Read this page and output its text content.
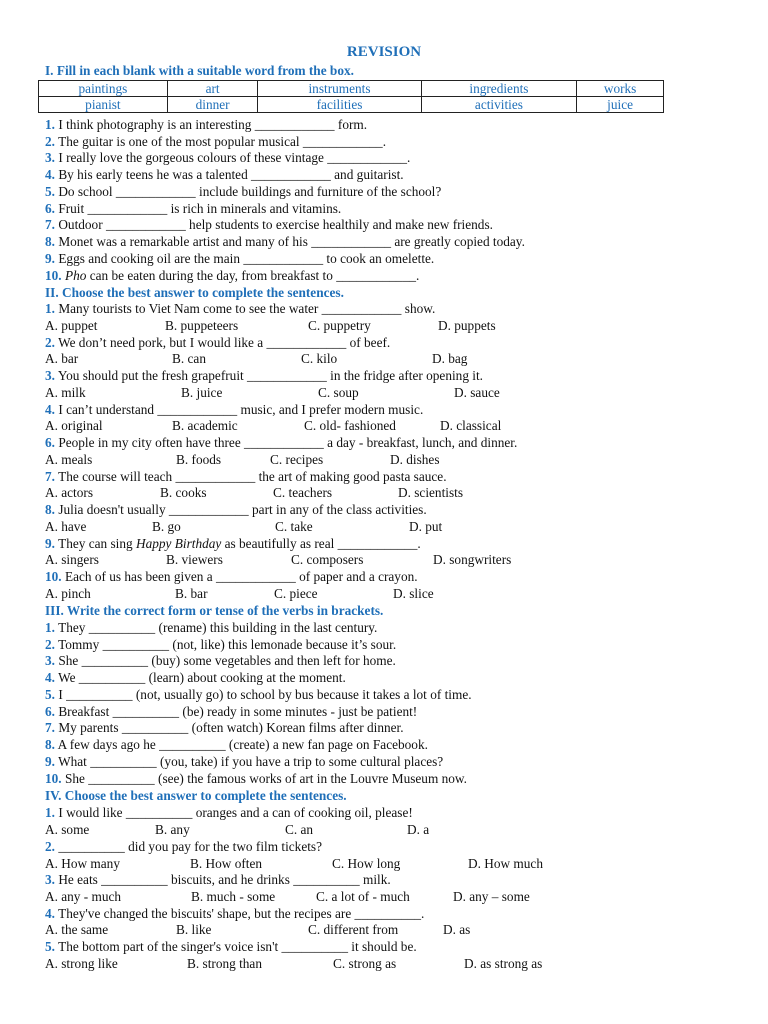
REVISION
I. Fill in each blank with a suitable word from the box.
paintings	art	instruments	ingredients	works
pianist	dinner	facilities	activities	juice
1. I think photography is an interesting ____________ form.
2. The guitar is one of the most popular musical ____________.
3. I really love the gorgeous colours of these vintage ____________.
4. By his early teens he was a talented ____________ and guitarist.
5. Do school ____________ include buildings and furniture of the school?
6. Fruit ____________ is rich in minerals and vitamins.
7. Outdoor ____________ help students to exercise healthily and make new friends.
8. Monet was a remarkable artist and many of his ____________ are greatly copied today.
9. Eggs and cooking oil are the main ____________ to cook an omelette.
10. Pho can be eaten during the day, from breakfast to ____________.
II. Choose the best answer to complete the sentences.
1. Many tourists to Viet Nam come to see the water ____________ show.
A. puppet	B. puppeteers	C. puppetry	D. puppets
2. We don’t need pork, but I would like a ____________ of beef.
A. bar	B. can	C. kilo	D. bag
3. You should put the fresh grapefruit ____________ in the fridge after opening it.
A. milk	B. juice	C. soup	D. sauce
4. I can’t understand ____________ music, and I prefer modern music.
A. original	B. academic	C. old- fashioned	D. classical
6. People in my city often have three ____________ a day - breakfast, lunch, and dinner.
A. meals	B. foods	C. recipes	D. dishes
7. The course will teach ____________ the art of making good pasta sauce.
A. actors	B. cooks	C. teachers	D. scientists
8. Julia doesn't usually ____________ part in any of the class activities.
A. have	B. go	C. take	D. put
9. They can sing Happy Birthday as beautifully as real ____________.
A. singers	B. viewers	C. composers	D. songwriters
10. Each of us has been given a ____________ of paper and a crayon.
A. pinch	B. bar	C. piece	D. slice
III. Write the correct form or tense of the verbs in brackets.
1. They __________ (rename) this building in the last century.
2. Tommy __________ (not, like) this lemonade because it’s sour.
3. She __________ (buy) some vegetables and then left for home.
4. We __________ (learn) about cooking at the moment.
5. I __________ (not, usually go) to school by bus because it takes a lot of time.
6. Breakfast __________ (be) ready in some minutes - just be patient!
7. My parents __________ (often watch) Korean films after dinner.
8. A few days ago he __________ (create) a new fan page on Facebook.
9. What __________ (you, take) if you have a trip to some cultural places?
10. She __________ (see) the famous works of art in the Louvre Museum now.
IV. Choose the best answer to complete the sentences.
1. I would like __________ oranges and a can of cooking oil, please!
A. some	B. any	C. an	D. a
2. __________ did you pay for the two film tickets?
A. How many	B. How often	C. How long	D. How much
3. He eats __________ biscuits, and he drinks __________ milk.
A. any - much	B. much - some	C. a lot of - much	D. any – some
4. They've changed the biscuits' shape, but the recipes are __________.
A. the same	B. like	C. different from	D. as
5. The bottom part of the singer's voice isn't __________ it should be.
A. strong like	B. strong than	C. strong as	D. as strong as
